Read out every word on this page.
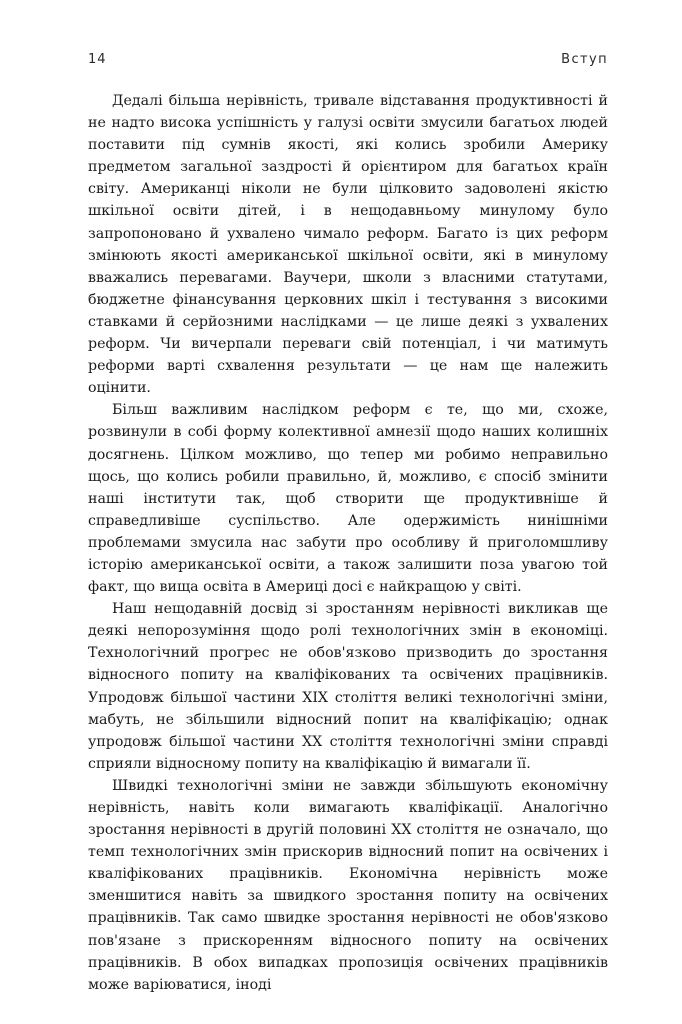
14	Вступ

Дедалі більша нерівність, тривале відставання продуктивності й не надто висока успішність у галузі освіти змусили багатьох людей поставити під сумнів якості, які колись зробили Америку предметом загальної заздрості й орієнтиром для багатьох країн світу. Американці ніколи не були цілковито задоволені якістю шкільної освіти дітей, і в нещодавньому минулому було запропоновано й ухвалено чимало реформ. Багато із цих реформ змінюють якості американської шкільної освіти, які в минулому вважались перевагами. Ваучери, школи з власними статутами, бюджетне фінансування церковних шкіл і тестування з високими ставками й серйозними наслідками — це лише деякі з ухвалених реформ. Чи вичерпали переваги свій потенціал, і чи матимуть реформи варті схвалення результати — це нам ще належить оцінити.

Більш важливим наслідком реформ є те, що ми, схоже, розвинули в собі форму колективної амнезії щодо наших колишніх досягнень. Цілком можливо, що тепер ми робимо неправильно щось, що колись робили правильно, й, можливо, є спосіб змінити наші інститути так, щоб створити ще продуктивніше й справедливіше суспільство. Але одержимість нинішніми проблемами змусила нас забути про особливу й приголомшливу історію американської освіти, а також залишити поза увагою той факт, що вища освіта в Америці досі є найкращою у світі.

Наш нещодавній досвід зі зростанням нерівності викликав ще деякі непорозуміння щодо ролі технологічних змін в економіці. Технологічний прогрес не обов'язково призводить до зростання відносного попиту на кваліфікованих та освічених працівників. Упродовж більшої частини XIX століття великі технологічні зміни, мабуть, не збільшили відносний попит на кваліфікацію; однак упродовж більшої частини XX століття технологічні зміни справді сприяли відносному попиту на кваліфікацію й вимагали її.

Швидкі технологічні зміни не завжди збільшують економічну нерівність, навіть коли вимагають кваліфікації. Аналогічно зростання нерівності в другій половині XX століття не означало, що темп технологічних змін прискорив відносний попит на освічених і кваліфікованих працівників. Економічна нерівність може зменшитися навіть за швидкого зростання попиту на освічених працівників. Так само швидке зростання нерівності не обов'язково пов'язане з прискоренням відносного попиту на освічених працівників. В обох випадках пропозиція освічених працівників може варіюватися, іноді
